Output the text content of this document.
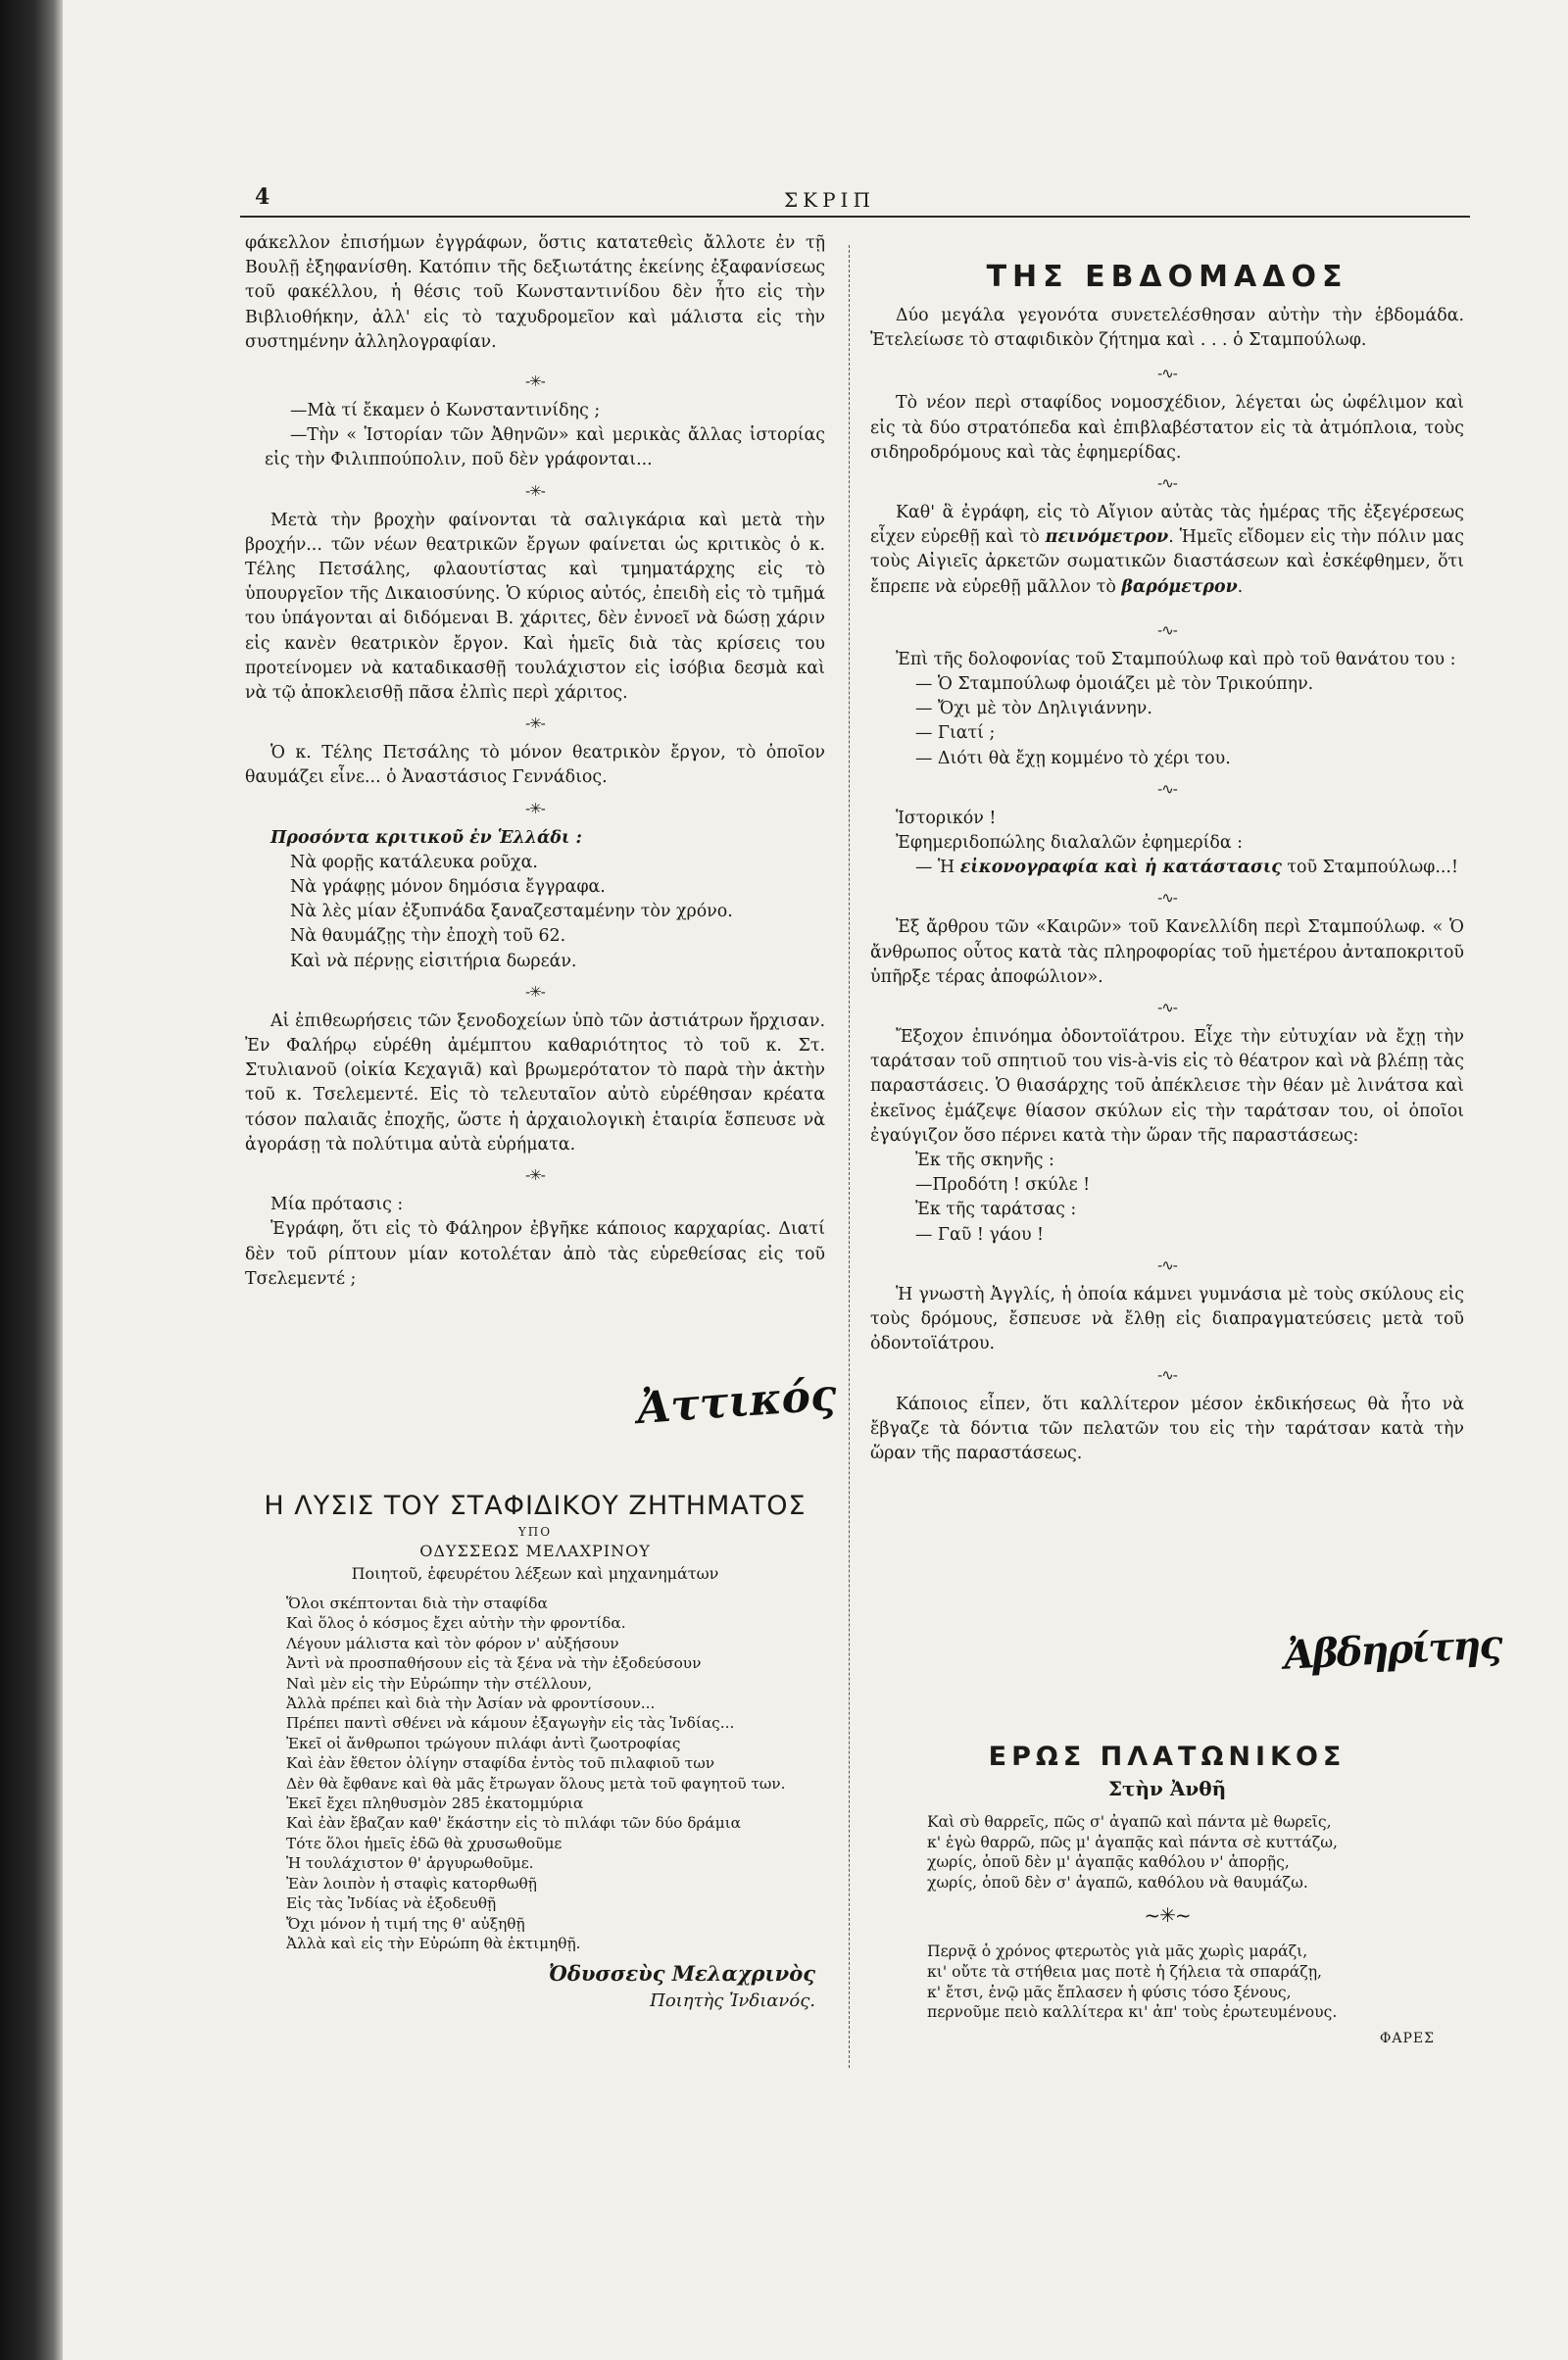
4	ΣΚΡΙΠ

φάκελλον ἐπισήμων ἐγγράφων, ὅστις κατατεθεὶς ἄλλοτε ἐν τῇ Βουλῇ ἐξηφανίσθη. Κατόπιν τῆς δεξιωτάτης ἐκείνης ἐξαφανίσεως τοῦ φακέλλου, ἡ θέσις τοῦ Κωνσταντινίδου δὲν ἦτο εἰς τὴν Βιβλιοθήκην, ἀλλ' εἰς τὸ ταχυδρομεῖον καὶ μάλιστα εἰς τὴν συστημένην ἀλληλογραφίαν.

-✳-

—Μὰ τί ἔκαμεν ὁ Κωνσταντινίδης ;

—Τὴν « Ἱστορίαν τῶν Ἀθηνῶν» καὶ μερικὰς ἄλλας ἱστορίας εἰς τὴν Φιλιππούπολιν, ποῦ δὲν γράφονται...

-✳-

Μετὰ τὴν βροχὴν φαίνονται τὰ σαλιγκάρια καὶ μετὰ τὴν βροχήν... τῶν νέων θεατρικῶν ἔργων φαίνεται ὡς κριτικὸς ὁ κ. Τέλης Πετσάλης, φλαουτίστας καὶ τμηματάρχης εἰς τὸ ὑπουργεῖον τῆς Δικαιοσύνης. Ὁ κύριος αὐτός, ἐπειδὴ εἰς τὸ τμῆμά του ὑπάγονται αἱ διδόμεναι Β. χάριτες, δὲν ἐννοεῖ νὰ δώσῃ χάριν εἰς κανὲν θεατρικὸν ἔργον. Καὶ ἡμεῖς διὰ τὰς κρίσεις του προτείνομεν νὰ καταδικασθῇ τουλάχιστον εἰς ἰσόβια δεσμὰ καὶ νὰ τῷ ἀποκλεισθῇ πᾶσα ἐλπὶς περὶ χάριτος.

-✳-

Ὁ κ. Τέλης Πετσάλης τὸ μόνον θεατρικὸν ἔργον, τὸ ὁποῖον θαυμάζει εἶνε... ὁ Ἀναστάσιος Γεννάδιος.

-✳-

Προσόντα κριτικοῦ ἐν Ἑλλάδι :

Νὰ φορῇς κατάλευκα ροῦχα.

Νὰ γράφῃς μόνον δημόσια ἔγγραφα.

Νὰ λὲς μίαν ἐξυπνάδα ξαναζεσταμένην τὸν χρόνο.

Νὰ θαυμάζῃς τὴν ἐποχὴ τοῦ 62.

Καὶ νὰ πέρνῃς εἰσιτήρια δωρεάν.

-✳-

Αἱ ἐπιθεωρήσεις τῶν ξενοδοχείων ὑπὸ τῶν ἀστιάτρων ἤρχισαν. Ἐν Φαλήρῳ εὑρέθη ἀμέμπτου καθαριότητος τὸ τοῦ κ. Στ. Στυλιανοῦ (οἰκία Κεχαγιᾶ) καὶ βρωμερότατον τὸ παρὰ τὴν ἀκτὴν τοῦ κ. Τσελεμεντέ. Εἰς τὸ τελευταῖον αὐτὸ εὑρέθησαν κρέατα τόσον παλαιᾶς ἐποχῆς, ὥστε ἡ ἀρχαιολογικὴ ἑταιρία ἔσπευσε νὰ ἀγοράσῃ τὰ πολύτιμα αὐτὰ εὑρήματα.

-✳-

Μία πρότασις :

Ἐγράφη, ὅτι εἰς τὸ Φάληρον ἐβγῆκε κάποιος καρχαρίας. Διατί δὲν τοῦ ρίπτουν μίαν κοτολέταν ἀπὸ τὰς εὑρεθείσας εἰς τοῦ Τσελεμεντέ ;

Ἀττικός
Η ΛΥΣΙΣ ΤΟΥ ΣΤΑΦΙΔΙΚΟΥ ΖΗΤΗΜΑΤΟΣ
ΥΠΟ
ΟΔΥΣΣΕΩΣ ΜΕΛΑΧΡΙΝΟΥ
Ποιητοῦ, ἐφευρέτου λέξεων καὶ μηχανημάτων

Ὅλοι σκέπτονται διὰ τὴν σταφίδα

Καὶ ὅλος ὁ κόσμος ἔχει αὐτὴν τὴν φροντίδα.

Λέγουν μάλιστα καὶ τὸν φόρον ν' αὐξήσουν

Ἀντὶ νὰ προσπαθήσουν εἰς τὰ ξένα νὰ τὴν ἐξοδεύσουν

Ναὶ μὲν εἰς τὴν Εὐρώπην τὴν στέλλουν,

Ἀλλὰ πρέπει καὶ διὰ τὴν Ἀσίαν νὰ φροντίσουν...

Πρέπει παντὶ σθένει νὰ κάμουν ἐξαγωγὴν εἰς τὰς Ἰνδίας...

Ἐκεῖ οἱ ἄνθρωποι τρώγουν πιλάφι ἀντὶ ζωοτροφίας

Καὶ ἐὰν ἔθετον ὀλίγην σταφίδα ἐντὸς τοῦ πιλαφιοῦ των

Δὲν θὰ ἔφθανε καὶ θὰ μᾶς ἔτρωγαν ὅλους μετὰ τοῦ φαγητοῦ των.

Ἐκεῖ ἔχει πληθυσμὸν 285 ἑκατομμύρια

Καὶ ἐὰν ἔβαζαν καθ' ἕκάστην εἰς τὸ πιλάφι τῶν δύο δράμια

Τότε ὅλοι ἡμεῖς ἐδῶ θὰ χρυσωθοῦμε

Ἡ τουλάχιστον θ' ἀργυρωθοῦμε.

Ἐὰν λοιπὸν ἡ σταφὶς κατορθωθῇ

Εἰς τὰς Ἰνδίας νὰ ἐξοδευθῇ

Ὄχι μόνον ἡ τιμή της θ' αὐξηθῇ

Ἀλλὰ καὶ εἰς τὴν Εὐρώπη θὰ ἐκτιμηθῇ.

Ὀδυσσεὺς Μελαχρινὸς
Ποιητὴς Ἰνδιανός.
ΤΗΣ ΕΒΔΟΜΑΔΟΣ

Δύο μεγάλα γεγονότα συνετελέσθησαν αὐτὴν τὴν ἑβδομάδα. Ἐτελείωσε τὸ σταφιδικὸν ζήτημα καὶ . . . ὁ Σταμπούλωφ.

-∿-

Τὸ νέον περὶ σταφίδος νομοσχέδιον, λέγεται ὡς ὠφέλιμον καὶ εἰς τὰ δύο στρατόπεδα καὶ ἐπιβλαβέστατον εἰς τὰ ἀτμόπλοια, τοὺς σιδηροδρόμους καὶ τὰς ἐφημερίδας.

-∿-

Καθ' ἃ ἐγράφη, εἰς τὸ Αἴγιον αὐτὰς τὰς ἡμέρας τῆς ἐξεγέρσεως εἶχεν εὑρεθῇ καὶ τὸ πεινόμετρον. Ἡμεῖς εἴδομεν εἰς τὴν πόλιν μας τοὺς Αἰγιεῖς ἀρκετῶν σωματικῶν διαστάσεων καὶ ἐσκέφθημεν, ὅτι ἔπρεπε νὰ εὑρεθῇ μᾶλλον τὸ βαρόμετρον.

-∿-

Ἐπὶ τῆς δολοφονίας τοῦ Σταμπούλωφ καὶ πρὸ τοῦ θανάτου του :

— Ὁ Σταμπούλωφ ὁμοιάζει μὲ τὸν Τρικούπην.

— Ὄχι μὲ τὸν Δηλιγιάννην.

— Γιατί ;

— Διότι θὰ ἔχῃ κομμένο τὸ χέρι του.

-∿-

Ἱστορικόν !

Ἐφημεριδοπώλης διαλαλῶν ἐφημερίδα :

— Ἡ εἰκονογραφία καὶ ἡ κατάστασις τοῦ Σταμπούλωφ...!

-∿-

Ἐξ ἄρθρου τῶν «Καιρῶν» τοῦ Κανελλίδη περὶ Σταμπούλωφ. « Ὁ ἄνθρωπος οὗτος κατὰ τὰς πληροφορίας τοῦ ἡμετέρου ἀνταποκριτοῦ ὑπῆρξε τέρας ἀποφώλιον».

-∿-

Ἔξοχον ἐπινόημα ὀδοντοϊάτρου. Εἶχε τὴν εὐτυχίαν νὰ ἔχῃ τὴν ταράτσαν τοῦ σπητιοῦ του vis-à-vis εἰς τὸ θέατρον καὶ νὰ βλέπῃ τὰς παραστάσεις. Ὁ θιασάρχης τοῦ ἀπέκλεισε τὴν θέαν μὲ λινάτσα καὶ ἐκεῖνος ἐμάζεψε θίασον σκύλων εἰς τὴν ταράτσαν του, οἱ ὁποῖοι ἐγαύγιζον ὅσο πέρνει κατὰ τὴν ὥραν τῆς παραστάσεως:

Ἐκ τῆς σκηνῆς :

—Προδότη ! σκύλε !

Ἐκ τῆς ταράτσας :

— Γαῦ ! γάου !

-∿-

Ἡ γνωστὴ Ἀγγλίς, ἡ ὁποία κάμνει γυμνάσια μὲ τοὺς σκύλους εἰς τοὺς δρόμους, ἔσπευσε νὰ ἔλθῃ εἰς διαπραγματεύσεις μετὰ τοῦ ὀδοντοϊάτρου.

-∿-

Κάποιος εἶπεν, ὅτι καλλίτερον μέσον ἐκδικήσεως θὰ ἦτο νὰ ἔβγαζε τὰ δόντια τῶν πελατῶν του εἰς τὴν ταράτσαν κατὰ τὴν ὥραν τῆς παραστάσεως.

Ἀβδηρίτης
ΕΡΩΣ ΠΛΑΤΩΝΙΚΟΣ
Στὴν Ἀνθῆ

Καὶ σὺ θαρρεῖς, πῶς σ' ἀγαπῶ καὶ πάντα μὲ θωρεῖς,

κ' ἐγὼ θαρρῶ, πῶς μ' ἀγαπᾷς καὶ πάντα σὲ κυττάζω,

χωρίς, ὁποῦ δὲν μ' ἀγαπᾷς καθόλου ν' ἀπορῇς,

χωρίς, ὁποῦ δὲν σ' ἀγαπῶ, καθόλου νὰ θαυμάζω.

~✳~

Περνᾷ ὁ χρόνος φτερωτὸς γιὰ μᾶς χωρὶς μαράζι,

κι' οὔτε τὰ στήθεια μας ποτὲ ἡ ζήλεια τὰ σπαράζῃ,

κ' ἔτσι, ἐνῷ μᾶς ἔπλασεν ἡ φύσις τόσο ξένους,

περνοῦμε πειὸ καλλίτερα κι' ἀπ' τοὺς ἐρωτευμένους.

ΦΑΡΕΣ
